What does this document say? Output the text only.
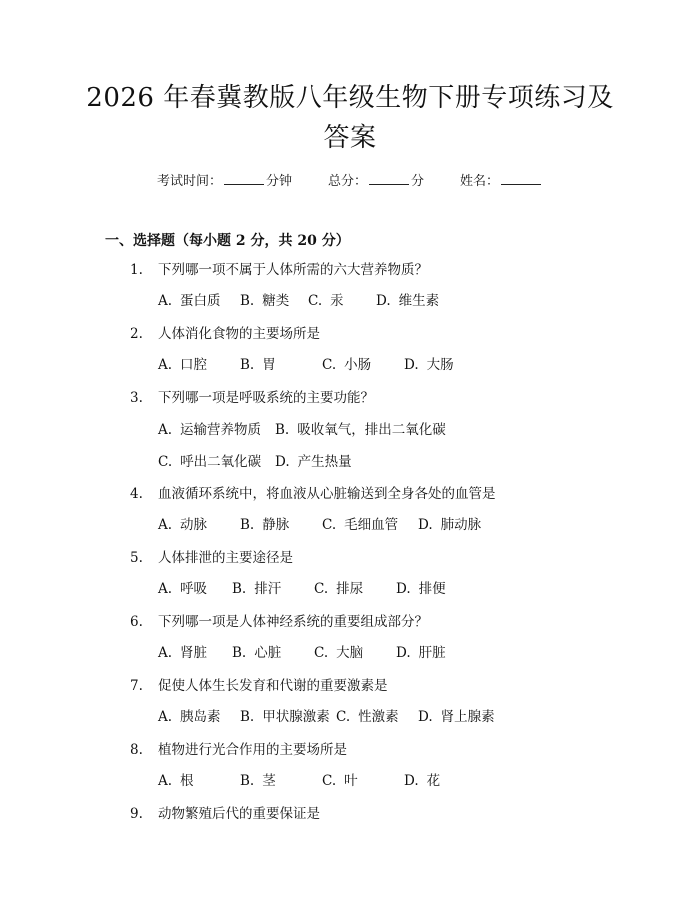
2026 年春冀教版八年级生物下册专项练习及
答案
考试时间：	分钟	总分：	分	姓名：
一、选择题（每小题 2 分，共 20 分）
1. 下列哪一项不属于人体所需的六大营养物质？
A. 蛋白质 B. 糖类 C. 汞 D. 维生素
2. 人体消化食物的主要场所是
A. 口腔 B. 胃	C. 小肠 D. 大肠
3. 下列哪一项是呼吸系统的主要功能？
A. 运输营养物质 B. 吸收氧气，排出二氧化碳
C. 呼出二氧化碳 D. 产生热量
4. 血液循环系统中，将血液从心脏输送到全身各处的血管是
A. 动脉 B. 静脉 C. 毛细血管 D. 肺动脉
5. 人体排泄的主要途径是
A. 呼吸 B. 排汗 C. 排尿 D. 排便
6. 下列哪一项是人体神经系统的重要组成部分？
A. 肾脏 B. 心脏 C. 大脑 D. 肝脏
7. 促使人体生长发育和代谢的重要激素是
A. 胰岛素 B. 甲状腺激素 C. 性激素 D. 肾上腺素
8. 植物进行光合作用的主要场所是
A. 根	B. 茎	C. 叶	D. 花
9. 动物繁殖后代的重要保证是
